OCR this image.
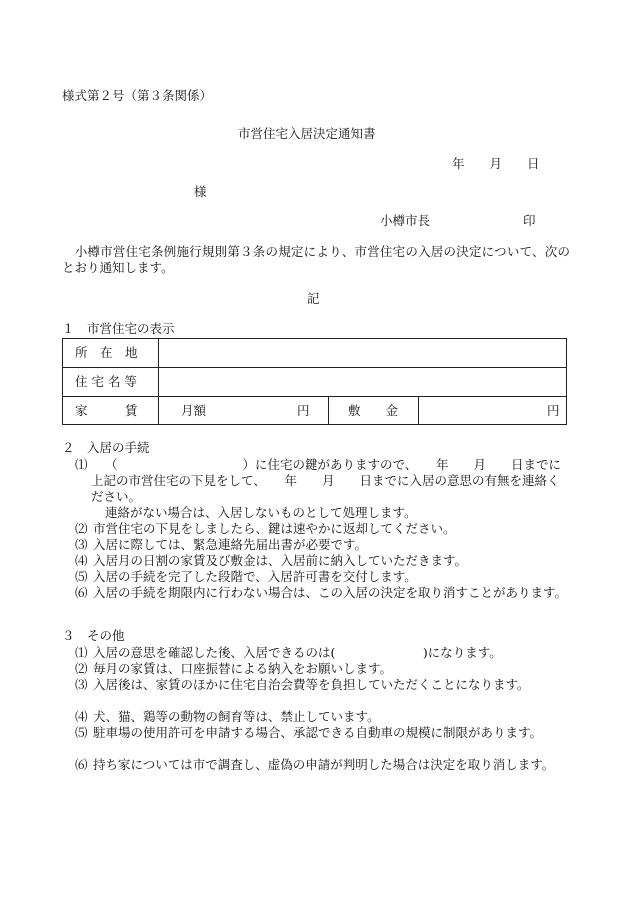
様式第２号（第３条関係）
市営住宅入居決定通知書
年　　月　　日
様
小樽市長	印
　小樽市営住宅条例施行規則第３条の規定により、市営住宅の入居の決定について、次のとおり通知します。
記
１　市営住宅の表示
所　在　地
住 宅 名 等
家　　　賃	月額	円	敷　　金	円
２　入居の手続
⑴	（　　　　　　　　　　）に住宅の鍵がありますので、　　年　　月　　日までに上記の市営住宅の下見をして、　　年　　月　　日までに入居の意思の有無を連絡ください。
連絡がない場合は、入居しないものとして処理します。
⑵ 市営住宅の下見をしましたら、鍵は速やかに返却してください。
⑶ 入居に際しては、緊急連絡先届出書が必要です。
⑷ 入居月の日割の家賃及び敷金は、入居前に納入していただきます。
⑸ 入居の手続を完了した段階で、入居許可書を交付します。
⑹ 入居の手続を期限内に行わない場合は、この入居の決定を取り消すことがあります。
３　その他
⑴ 入居の意思を確認した後、入居できるのは(　　　　　　　)になります。
⑵ 毎月の家賃は、口座振替による納入をお願いします。
⑶ 入居後は、家賃のほかに住宅自治会費等を負担していただくことになります。
⑷ 犬、猫、鶏等の動物の飼育等は、禁止しています。
⑸ 駐車場の使用許可を申請する場合、承認できる自動車の規模に制限があります。
⑹ 持ち家については市で調査し、虚偽の申請が判明した場合は決定を取り消します。
